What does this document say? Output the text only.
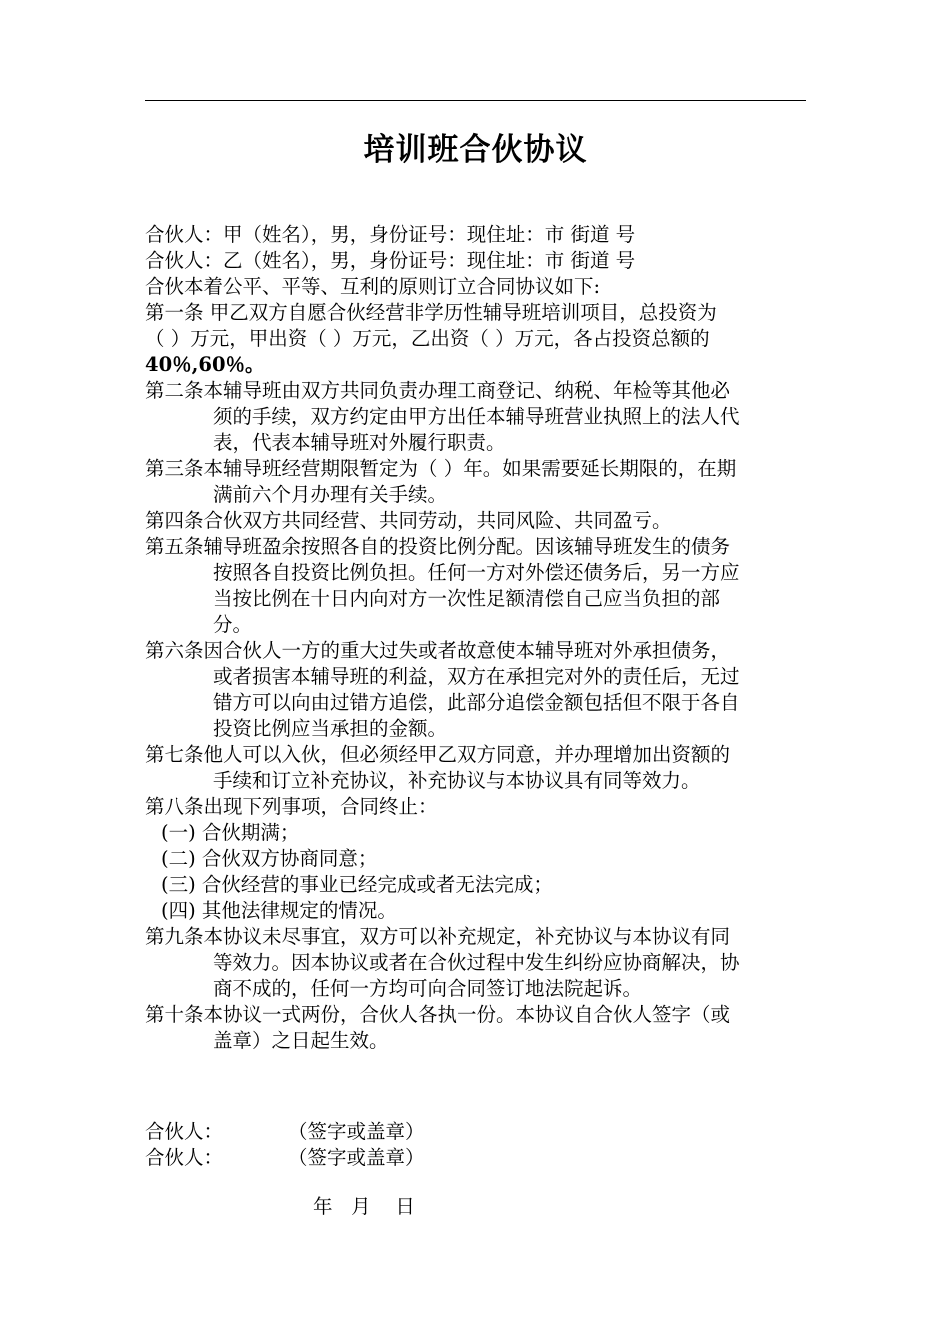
培训班合伙协议
合伙人：甲（姓名），男，身份证号：现住址：市 街道 号
合伙人：乙（姓名），男，身份证号：现住址：市 街道 号
合伙本着公平、平等、互利的原则订立合同协议如下:
第一条 甲乙双方自愿合伙经营非学历性辅导班培训项目，总投资为
（ ）万元，甲出资（ ）万元，乙出资（ ）万元，各占投资总额的
40％,60％。
第二条本辅导班由双方共同负责办理工商登记、纳税、年检等其他必
须的手续，双方约定由甲方出任本辅导班营业执照上的法人代
表，代表本辅导班对外履行职责。
第三条本辅导班经营期限暂定为（ ）年。如果需要延长期限的，在期
满前六个月办理有关手续。
第四条合伙双方共同经营、共同劳动，共同风险、共同盈亏。
第五条辅导班盈余按照各自的投资比例分配。因该辅导班发生的债务
按照各自投资比例负担。任何一方对外偿还债务后，另一方应
当按比例在十日内向对方一次性足额清偿自己应当负担的部
分。
第六条因合伙人一方的重大过失或者故意使本辅导班对外承担债务，
或者损害本辅导班的利益，双方在承担完对外的责任后，无过
错方可以向由过错方追偿，此部分追偿金额包括但不限于各自
投资比例应当承担的金额。
第七条他人可以入伙，但必须经甲乙双方同意，并办理增加出资额的
手续和订立补充协议，补充协议与本协议具有同等效力。
第八条出现下列事项，合同终止：
(一) 合伙期满；
(二) 合伙双方协商同意；
(三) 合伙经营的事业已经完成或者无法完成；
(四) 其他法律规定的情况。
第九条本协议未尽事宜，双方可以补充规定，补充协议与本协议有同
等效力。因本协议或者在合伙过程中发生纠纷应协商解决，协
商不成的，任何一方均可向合同签订地法院起诉。
第十条本协议一式两份，合伙人各执一份。本协议自合伙人签字（或
盖章）之日起生效。
合伙人：	（签字或盖章）
合伙人：	（签字或盖章）
年   月    日
